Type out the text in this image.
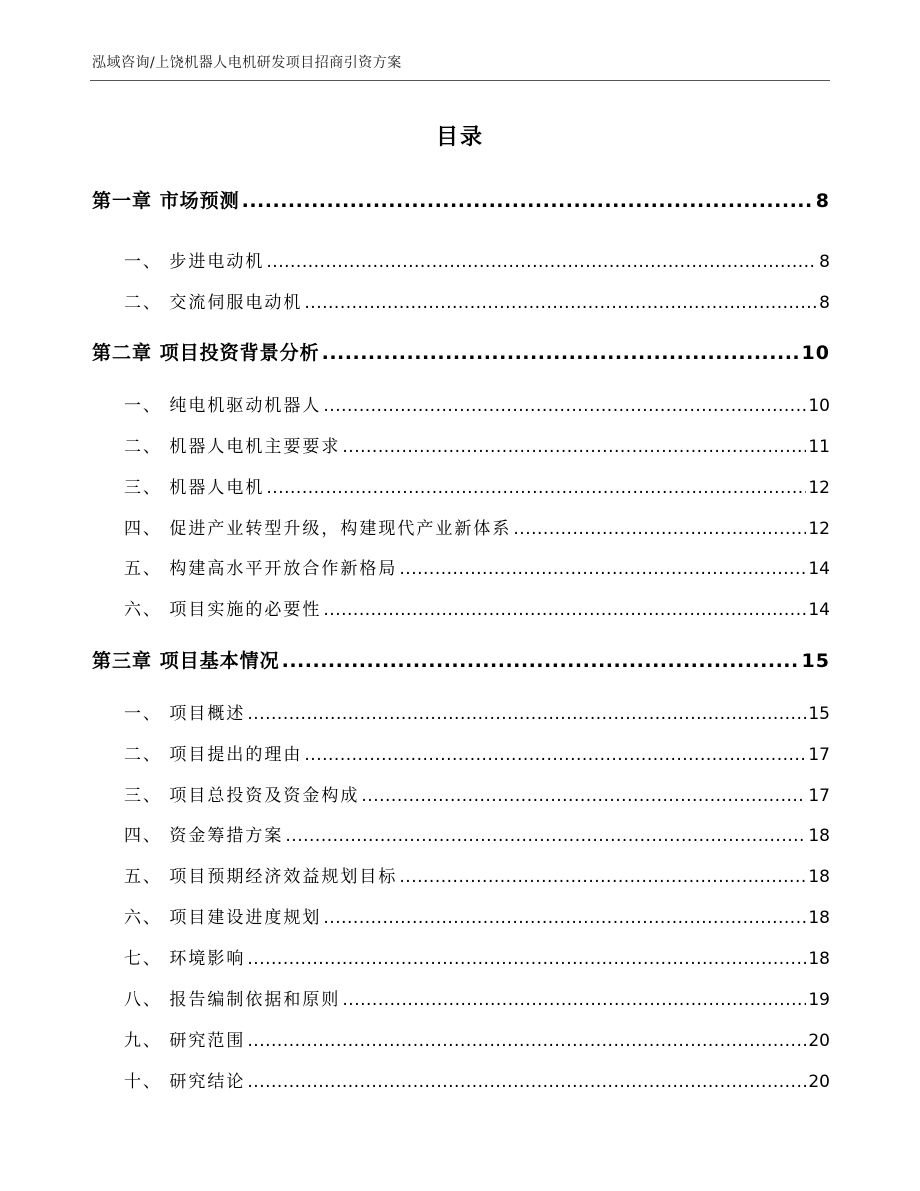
泓域咨询/上饶机器人电机研发项目招商引资方案
目录
第一章 市场预测 .....	8
一、 步进电动机 .....	8
二、 交流伺服电动机 .....	8
第二章 项目投资背景分析 .....	10
一、 纯电机驱动机器人 .....	10
二、 机器人电机主要要求 .....	11
三、 机器人电机 .....	12
四、 促进产业转型升级，构建现代产业新体系 .....	12
五、 构建高水平开放合作新格局 .....	14
六、 项目实施的必要性 .....	14
第三章 项目基本情况 .....	15
一、 项目概述 .....	15
二、 项目提出的理由 .....	17
三、 项目总投资及资金构成 .....	17
四、 资金筹措方案 .....	18
五、 项目预期经济效益规划目标 .....	18
六、 项目建设进度规划 .....	18
七、 环境影响 .....	18
八、 报告编制依据和原则 .....	19
九、 研究范围 .....	20
十、 研究结论 .....	20
